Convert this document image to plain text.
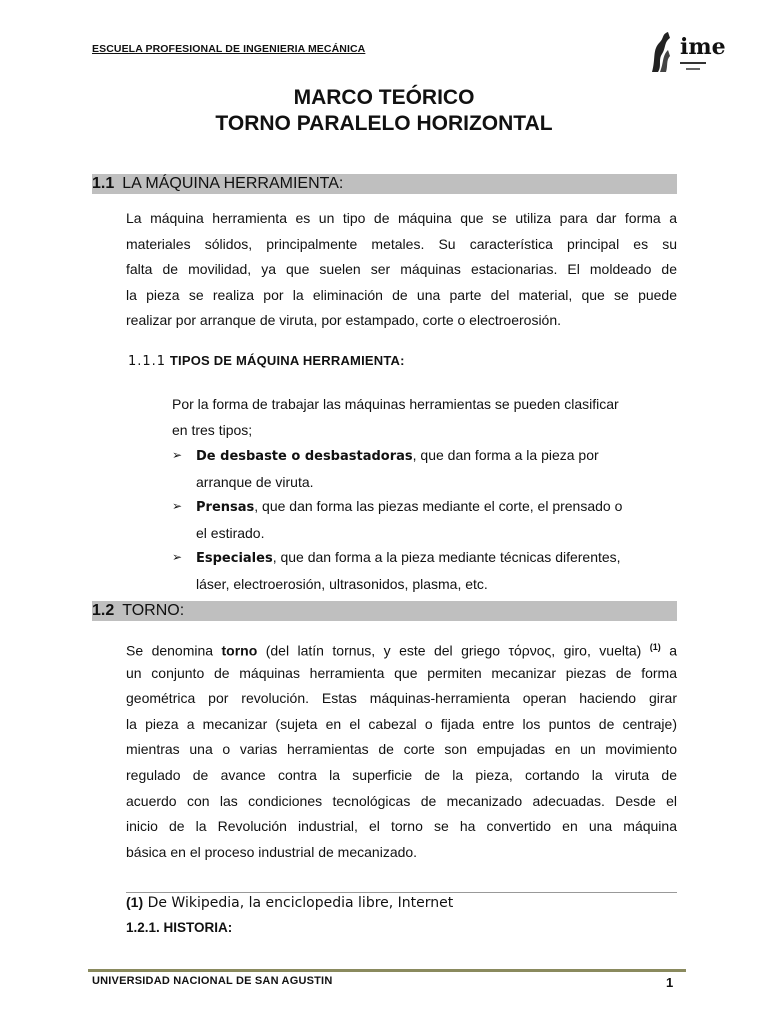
ESCUELA PROFESIONAL DE INGENIERIA MECÁNICA	ime
MARCO TEÓRICO
TORNO PARALELO HORIZONTAL
1.1 LA MÁQUINA HERRAMIENTA:
La máquina herramienta es un tipo de máquina que se utiliza para dar forma a
materiales sólidos, principalmente metales. Su característica principal es su
falta de movilidad, ya que suelen ser máquinas estacionarias. El moldeado de
la pieza se realiza por la eliminación de una parte del material, que se puede
realizar por arranque de viruta, por estampado, corte o electroerosión.
1.1.1 TIPOS DE MÁQUINA HERRAMIENTA:
Por la forma de trabajar las máquinas herramientas se pueden clasificar
en tres tipos;
➢ De desbaste o desbastadoras, que dan forma a la pieza por
arranque de viruta.
➢ Prensas, que dan forma las piezas mediante el corte, el prensado o
el estirado.
➢ Especiales, que dan forma a la pieza mediante técnicas diferentes,
láser, electroerosión, ultrasonidos, plasma, etc.
1.2 TORNO:
Se denomina torno (del latín tornus, y este del griego τόρνος, giro, vuelta) $^{(1)}$ a
un conjunto de máquinas herramienta que permiten mecanizar piezas de forma
geométrica por revolución. Estas máquinas-herramienta operan haciendo girar
la pieza a mecanizar (sujeta en el cabezal o fijada entre los puntos de centraje)
mientras una o varias herramientas de corte son empujadas en un movimiento
regulado de avance contra la superficie de la pieza, cortando la viruta de
acuerdo con las condiciones tecnológicas de mecanizado adecuadas. Desde el
inicio de la Revolución industrial, el torno se ha convertido en una máquina
básica en el proceso industrial de mecanizado.
(1) De Wikipedia, la enciclopedia libre, Internet
1.2.1. HISTORIA:
UNIVERSIDAD NACIONAL DE SAN AGUSTIN	1
